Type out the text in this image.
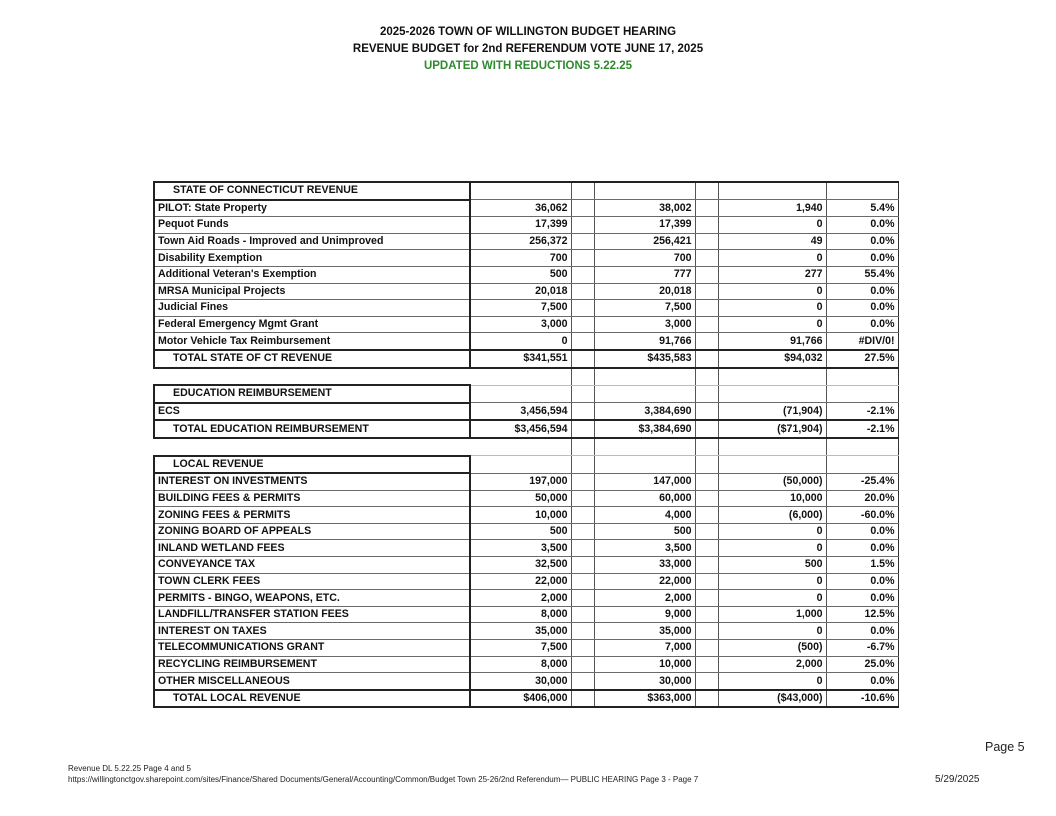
2025-2026 TOWN OF WILLINGTON BUDGET HEARING
REVENUE BUDGET for 2nd REFERENDUM VOTE JUNE 17, 2025
UPDATED WITH REDUCTIONS 5.22.25
STATE OF CONNECTICUT REVENUE						
PILOT: State Property	36,062		38,002		1,940	5.4%
Pequot Funds	17,399		17,399		0	0.0%
Town Aid Roads - Improved and Unimproved	256,372		256,421		49	0.0%
Disability Exemption	700		700		0	0.0%
Additional Veteran's Exemption	500		777		277	55.4%
MRSA Municipal Projects	20,018		20,018		0	0.0%
Judicial Fines	7,500		7,500		0	0.0%
Federal Emergency Mgmt Grant	3,000		3,000		0	0.0%
Motor Vehicle Tax Reimbursement	0		91,766		91,766	#DIV/0!
TOTAL STATE OF CT REVENUE	$341,551		$435,583		$94,032	27.5%

EDUCATION REIMBURSEMENT						
ECS	3,456,594		3,384,690		(71,904)	-2.1%
TOTAL EDUCATION REIMBURSEMENT	$3,456,594		$3,384,690		($71,904)	-2.1%

LOCAL REVENUE						
INTEREST ON INVESTMENTS	197,000		147,000		(50,000)	-25.4%
BUILDING FEES & PERMITS	50,000		60,000		10,000	20.0%
ZONING FEES & PERMITS	10,000		4,000		(6,000)	-60.0%
ZONING BOARD OF APPEALS	500		500		0	0.0%
INLAND WETLAND FEES	3,500		3,500		0	0.0%
CONVEYANCE TAX	32,500		33,000		500	1.5%
TOWN CLERK FEES	22,000		22,000		0	0.0%
PERMITS - BINGO, WEAPONS, ETC.	2,000		2,000		0	0.0%
LANDFILL/TRANSFER STATION FEES	8,000		9,000		1,000	12.5%
INTEREST ON TAXES	35,000		35,000		0	0.0%
TELECOMMUNICATIONS GRANT	7,500		7,000		(500)	-6.7%
RECYCLING REIMBURSEMENT	8,000		10,000		2,000	25.0%
OTHER MISCELLANEOUS	30,000		30,000		0	0.0%
TOTAL LOCAL REVENUE	$406,000		$363,000		($43,000)	-10.6%
Revenue DL 5.22.25 Page 4 and 5
https://willingtonctgov.sharepoint.com/sites/Finance/Shared Documents/General/Accounting/Common/Budget Town 25-26/2nd Referendum— PUBLIC HEARING Page 3 - Page 7
Page 5
5/29/2025
